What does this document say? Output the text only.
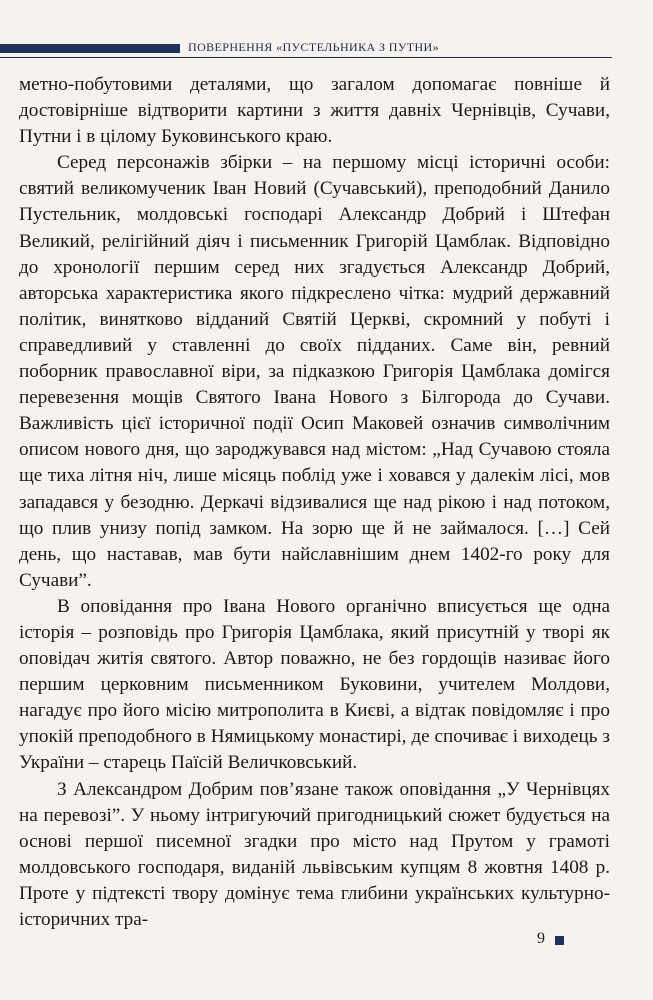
ПОВЕРНЕННЯ «ПУСТЕЛЬНИКА З ПУТНИ»

метно-побутовими деталями, що загалом допомагає повніше й достовірніше відтворити картини з життя давніх Чернівців, Сучави, Путни і в цілому Буковинського краю.

Серед персонажів збірки – на першому місці історичні особи: святий великомученик Іван Новий (Сучавський), преподобний Данило Пустельник, молдовські господарі Александр Добрий і Штефан Великий, релігійний діяч і письменник Григорій Цамблак. Відповідно до хронології першим серед них згадується Александр Добрий, авторська характеристика якого підкреслено чітка: мудрий державний політик, винятково відданий Святій Церкві, скромний у побуті і справедливий у ставленні до своїх підданих. Саме він, ревний поборник православної віри, за підказкою Григорія Цамблака домігся перевезення мощів Святого Івана Нового з Білгорода до Сучави. Важливість цієї історичної події Осип Маковей означив символічним описом нового дня, що зароджувався над містом: „Над Сучавою стояла ще тиха літня ніч, лише місяць поблід уже і ховався у далекім лісі, мов западався у безодню. Деркачі відзивалися ще над рікою і над потоком, що плив унизу попід замком. На зорю ще й не займалося. […] Сей день, що наставав, мав бути найславнішим днем 1402-го року для Сучави”.

В оповідання про Івана Нового органічно вписується ще одна історія – розповідь про Григорія Цамблака, який присутній у творі як оповідач житія святого. Автор поважно, не без гордощів називає його першим церковним письменником Буковини, учителем Молдови, нагадує про його місію митрополита в Києві, а відтак повідомляє і про упокій преподобного в Нямицькому монастирі, де спочиває і виходець з України – старець Паїсій Величковський.

З Александром Добрим пов’язане також оповідання „У Чернівцях на перевозі”. У ньому інтригуючий пригодницький сюжет будується на основі першої писемної згадки про місто над Прутом у грамоті молдовського господаря, виданій львівським купцям 8 жовтня 1408 р. Проте у підтексті твору домінує тема глибини українських культурно-історичних тра-

9
